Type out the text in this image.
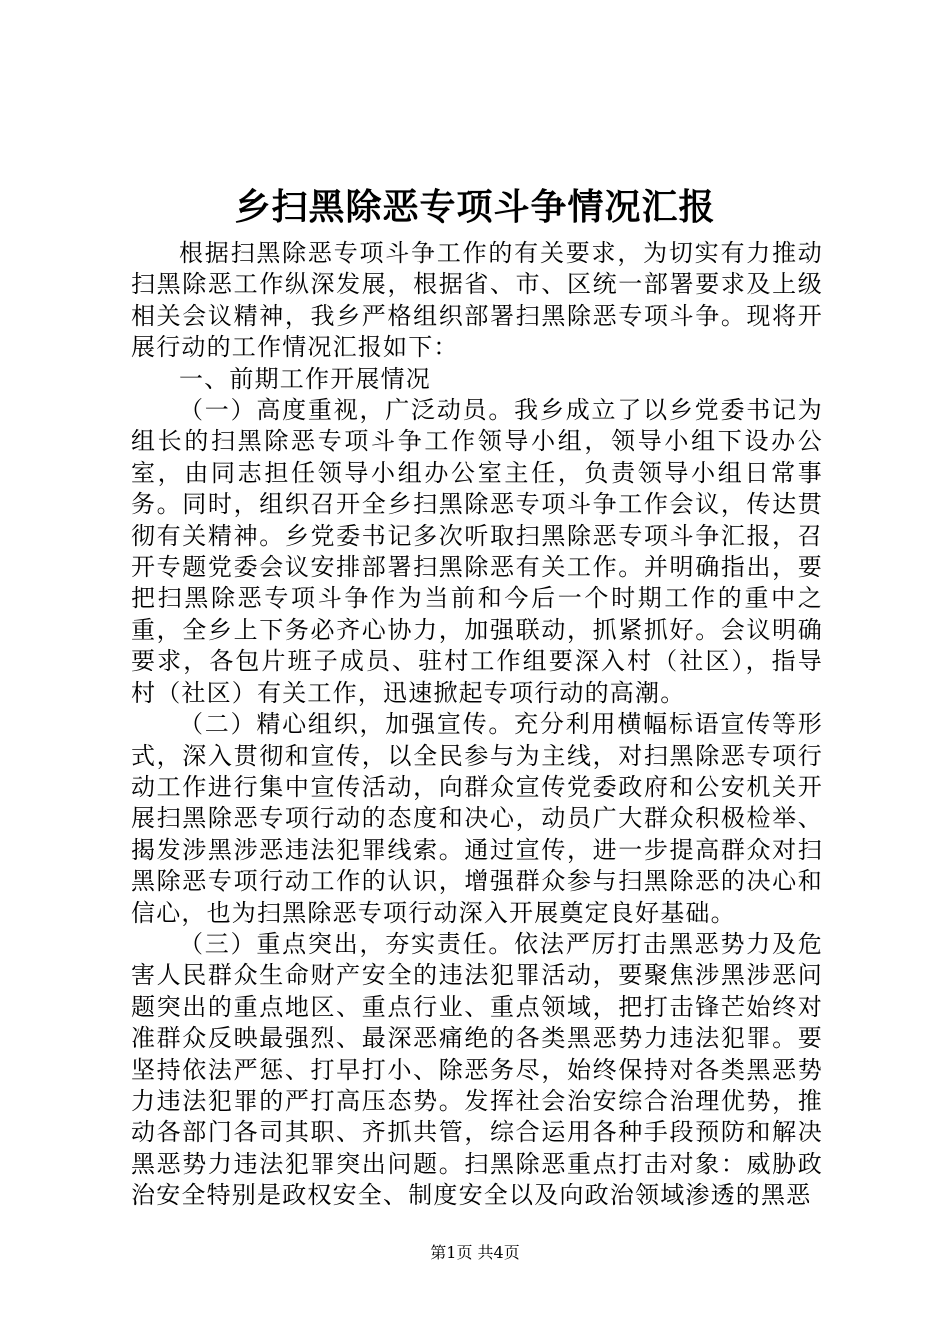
乡扫黑除恶专项斗争情况汇报

根据扫黑除恶专项斗争工作的有关要求，为切实有力推动扫黑除恶工作纵深发展，根据省、市、区统一部署要求及上级相关会议精神，我乡严格组织部署扫黑除恶专项斗争。现将开展行动的工作情况汇报如下：

一、前期工作开展情况

（一）高度重视，广泛动员。我乡成立了以乡党委书记为组长的扫黑除恶专项斗争工作领导小组，领导小组下设办公室，由同志担任领导小组办公室主任，负责领导小组日常事务。同时，组织召开全乡扫黑除恶专项斗争工作会议，传达贯彻有关精神。乡党委书记多次听取扫黑除恶专项斗争汇报，召开专题党委会议安排部署扫黑除恶有关工作。并明确指出，要把扫黑除恶专项斗争作为当前和今后一个时期工作的重中之重，全乡上下务必齐心协力，加强联动，抓紧抓好。会议明确要求，各包片班子成员、驻村工作组要深入村（社区），指导村（社区）有关工作，迅速掀起专项行动的高潮。

（二）精心组织，加强宣传。充分利用横幅标语宣传等形式，深入贯彻和宣传，以全民参与为主线，对扫黑除恶专项行动工作进行集中宣传活动，向群众宣传党委政府和公安机关开展扫黑除恶专项行动的态度和决心，动员广大群众积极检举、揭发涉黑涉恶违法犯罪线索。通过宣传，进一步提高群众对扫黑除恶专项行动工作的认识，增强群众参与扫黑除恶的决心和信心，也为扫黑除恶专项行动深入开展奠定良好基础。

（三）重点突出，夯实责任。依法严厉打击黑恶势力及危害人民群众生命财产安全的违法犯罪活动，要聚焦涉黑涉恶问题突出的重点地区、重点行业、重点领域，把打击锋芒始终对准群众反映最强烈、最深恶痛绝的各类黑恶势力违法犯罪。要坚持依法严惩、打早打小、除恶务尽，始终保持对各类黑恶势力违法犯罪的严打高压态势。发挥社会治安综合治理优势，推动各部门各司其职、齐抓共管，综合运用各种手段预防和解决黑恶势力违法犯罪突出问题。扫黑除恶重点打击对象：威胁政治安全特别是政权安全、制度安全以及向政治领域渗透的黑恶

第1页 共4页
